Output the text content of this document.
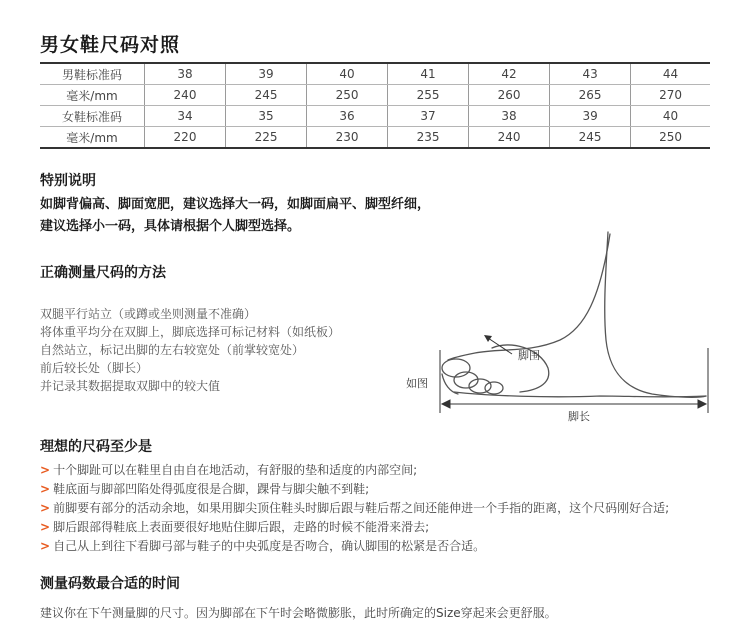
男女鞋尺码对照
男鞋标准码	38	39	40	41	42	43	44
毫米/mm	240	245	250	255	260	265	270
女鞋标准码	34	35	36	37	38	39	40
毫米/mm	220	225	230	235	240	245	250
特别说明
如脚背偏高、脚面宽肥，建议选择大一码，如脚面扁平、脚型纤细，
建议选择小一码，具体请根据个人脚型选择。
正确测量尺码的方法
双腿平行站立（或蹲或坐则测量不准确）
将体重平均分在双脚上，脚底选择可标记材料（如纸板）
自然站立，标记出脚的左右较宽处（前掌较宽处）
前后较长处（脚长）
并记录其数据提取双脚中的较大值
脚围
如图
脚长
理想的尺码至少是
> 十个脚趾可以在鞋里自由自在地活动，有舒服的垫和适度的内部空间;
> 鞋底面与脚部凹陷处得弧度很是合脚，踝骨与脚尖触不到鞋;
> 前脚要有部分的活动余地，如果用脚尖顶住鞋头时脚后跟与鞋后帮之间还能伸进一个手指的距离，这个尺码刚好合适;
> 脚后跟部得鞋底上表面要很好地贴住脚后跟，走路的时候不能滑来滑去;
> 自己从上到往下看脚弓部与鞋子的中央弧度是否吻合，确认脚围的松紧是否合适。
测量码数最合适的时间
建议你在下午测量脚的尺寸。因为脚部在下午时会略微膨胀，此时所确定的Size穿起来会更舒服。
